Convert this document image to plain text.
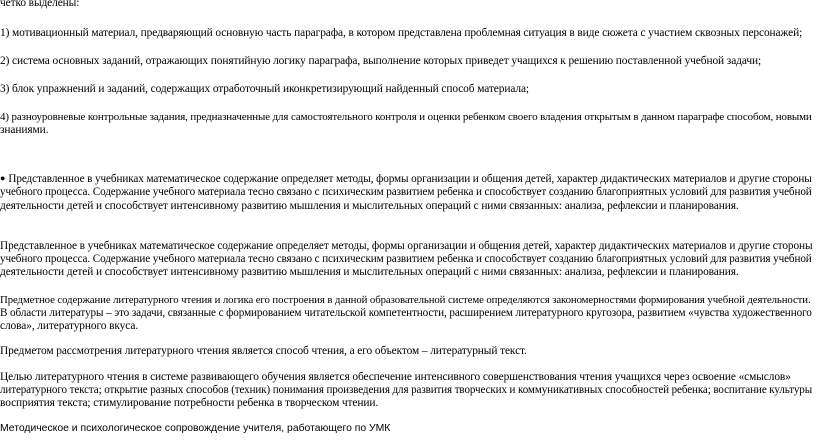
четко выделены:

1) мотивационный материал, предваряющий основную часть параграфа, в котором представлена проблемная ситуация в виде сюжета с участием сквозных персонажей;

2) система основных заданий, отражающих понятийную логику параграфа, выполнение которых приведет учащихся к решению поставленной учебной задачи;

3) блок упражнений и заданий, содержащих отработочный иконкретизирующий найденный способ материала;

4) разноуровневые контрольные задания, предназначенные для самостоятельного контроля и оценки ребенком своего владения открытым в данном параграфе способом, новыми

знаниями.

● Представленное в учебниках математическое содержание определяет методы, формы организации и общения детей, характер дидактических материалов и другие стороны

учебного процесса. Содержание учебного материала тесно связано с психическим развитием ребенка и способствует созданию благоприятных условий для развития учебной

деятельности детей и способствует интенсивному развитию мышления и мыслительных операций с ними связанных: анализа, рефлексии и планирования.

Представленное в учебниках математическое содержание определяет методы, формы организации и общения детей, характер дидактических материалов и другие стороны

учебного процесса. Содержание учебного материала тесно связано с психическим развитием ребенка и способствует созданию благоприятных условий для развития учебной

деятельности детей и способствует интенсивному развитию мышления и мыслительных операций с ними связанных: анализа, рефлексии и планирования.

Предметное содержание литературного чтения и логика его построения в данной образовательной системе определяются закономерностями формирования учебной деятельности.

В области литературы – это задачи, связанные с формированием читательской компетентности, расширением литературного кругозора, развитием «чувства художественного

слова», литературного вкуса.

Предметом рассмотрения литературного чтения является способ чтения, а его объектом – литературный текст.

Целью литературного чтения в системе развивающего обучения является обеспечение интенсивного совершенствования чтения учащихся через освоение «смыслов»

литературного текста; открытие разных способов (техник) понимания произведения для развития творческих и коммуникативных способностей ребенка; воспитание культуры

восприятия текста; стимулирование потребности ребенка в творческом чтении.

Методическое и психологическое сопровождение учителя, работающего по УМК
